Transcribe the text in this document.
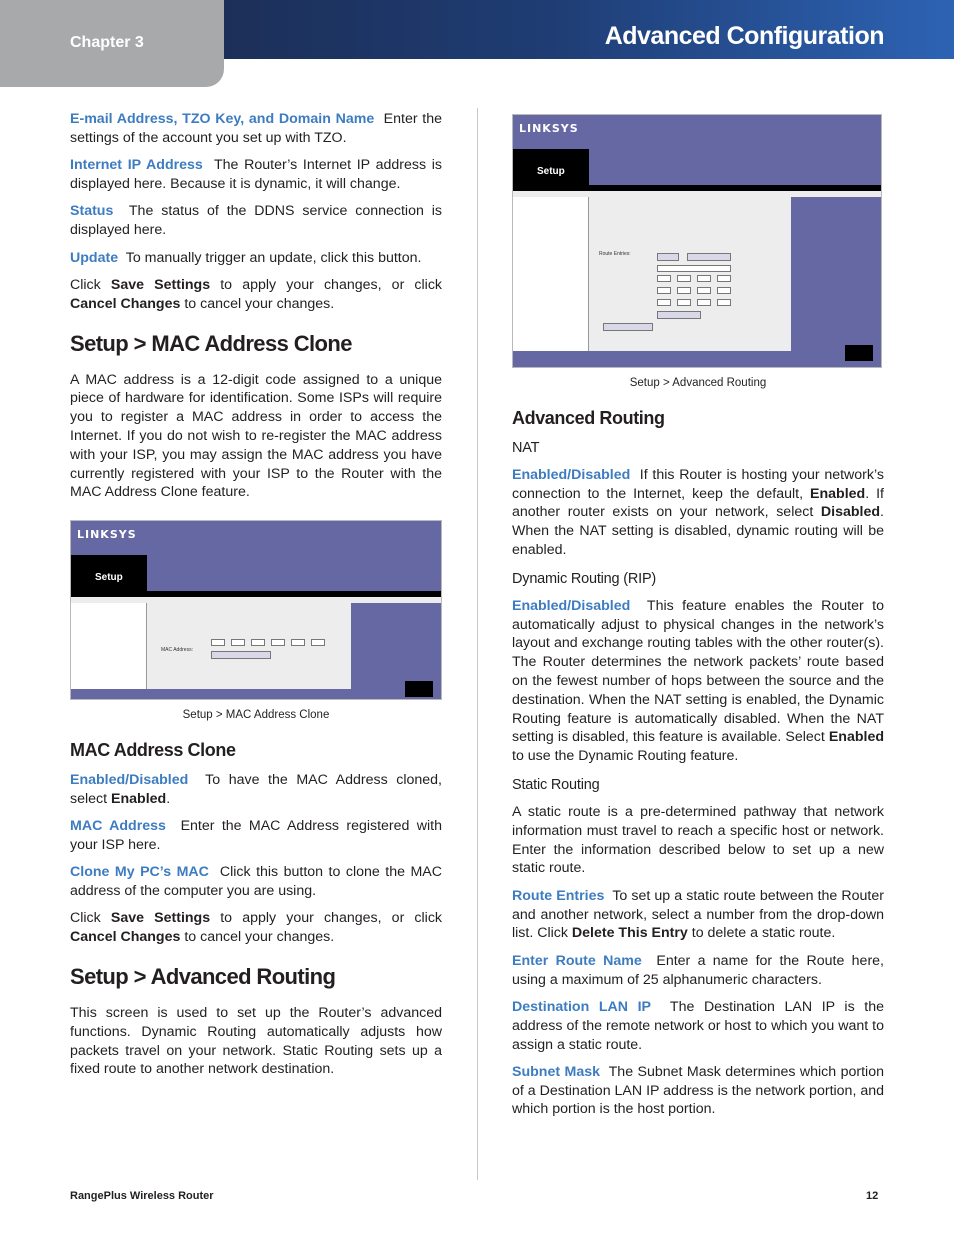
Chapter 3	Advanced Configuration

E-mail Address, TZO Key, and Domain Name Enter the settings of the account you set up with TZO.

Internet IP Address The Router’s Internet IP address is displayed here. Because it is dynamic, it will change.

Status The status of the DDNS service connection is displayed here.

Update To manually trigger an update, click this button.

Click Save Settings to apply your changes, or click Cancel Changes to cancel your changes.

Setup > MAC Address Clone

A MAC address is a 12-digit code assigned to a unique piece of hardware for identification. Some ISPs will require you to register a MAC address in order to access the Internet. If you do not wish to re-register the MAC address with your ISP, you may assign the MAC address you have currently registered with your ISP to the Router with the MAC Address Clone feature.

LINKSYS
Setup
MAC Address:
Setup > MAC Address Clone
MAC Address Clone

Enabled/Disabled To have the MAC Address cloned, select Enabled.

MAC Address Enter the MAC Address registered with your ISP here.

Clone My PC’s MAC Click this button to clone the MAC address of the computer you are using.

Click Save Settings to apply your changes, or click Cancel Changes to cancel your changes.

Setup > Advanced Routing

This screen is used to set up the Router’s advanced functions. Dynamic Routing automatically adjusts how packets travel on your network. Static Routing sets up a fixed route to another network destination.

LINKSYS
Setup
Route Entries:
Setup > Advanced Routing
Advanced Routing
NAT

Enabled/Disabled If this Router is hosting your network’s connection to the Internet, keep the default, Enabled. If another router exists on your network, select Disabled. When the NAT setting is disabled, dynamic routing will be enabled.

Dynamic Routing (RIP)

Enabled/Disabled This feature enables the Router to automatically adjust to physical changes in the network’s layout and exchange routing tables with the other router(s). The Router determines the network packets’ route based on the fewest number of hops between the source and the destination. When the NAT setting is enabled, the Dynamic Routing feature is automatically disabled. When the NAT setting is disabled, this feature is available. Select Enabled to use the Dynamic Routing feature.

Static Routing

A static route is a pre-determined pathway that network information must travel to reach a specific host or network. Enter the information described below to set up a new static route.

Route Entries To set up a static route between the Router and another network, select a number from the drop-down list. Click Delete This Entry to delete a static route.

Enter Route Name Enter a name for the Route here, using a maximum of 25 alphanumeric characters.

Destination LAN IP The Destination LAN IP is the address of the remote network or host to which you want to assign a static route.

Subnet Mask The Subnet Mask determines which portion of a Destination LAN IP address is the network portion, and which portion is the host portion.

RangePlus Wireless Router	12
